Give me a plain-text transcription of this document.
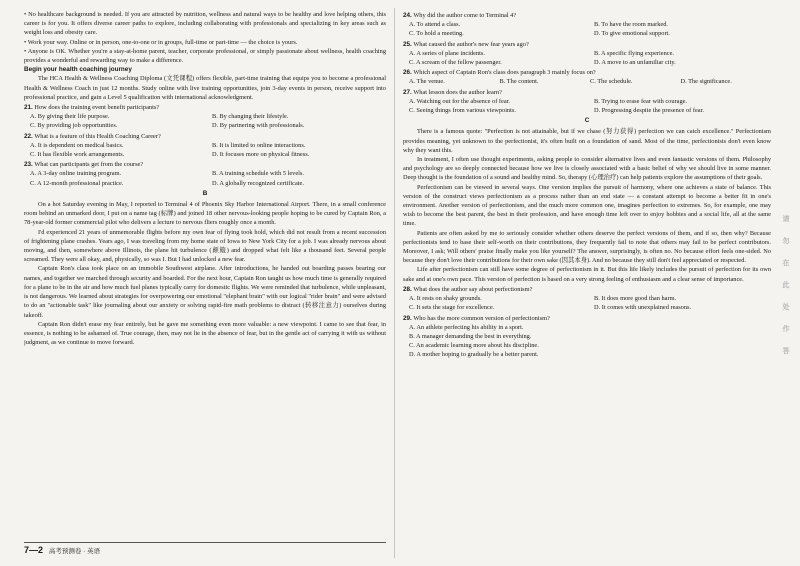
• No healthcare background is needed. If you are attracted by nutrition, wellness and natural ways to be healthy and love helping others, this career is for you. It offers diverse career paths to explore, including collaborating with professionals and specializing in key areas such as weight loss and obesity care.

• Work your way. Online or in person, one-to-one or in groups, full-time or part-time — the choice is yours.

• Anyone is OK. Whether you're a stay-at-home parent, teacher, corporate professional, or simply passionate about wellness, health coaching provides a wonderful and rewarding way to make a difference.

Begin your health coaching journey

The HCA Health & Wellness Coaching Diploma (文凭课程) offers flexible, part-time training that equips you to become a professional Health & Wellness Coach in just 12 months. Study online with live training opportunities, join 3-day events in person, receive support into professional practice, and gain a Level 5 qualification with international acknowledgment.

21. How does the training event benefit participants?

A. By giving their life purpose.	B. By changing their lifestyle.
C. By providing job opportunities.	D. By partnering with professionals.

22. What is a feature of this Health Coaching Career?

A. It is dependent on medical basics.	B. It is limited to online interactions.
C. It has flexible work arrangements.	D. It focuses more on physical fitness.

23. What can participants get from the course?

A. A 3-day online training program.	B. A training schedule with 5 levels.
C. A 12-month professional practice.	D. A globally recognized certificate.

B

On a hot Saturday evening in May, I reported to Terminal 4 of Phoenix Sky Harbor International Airport. There, in a small conference room behind an unmarked door, I put on a name tag (标牌) and joined 18 other nervous-looking people hoping to be cured by Captain Ron, a 78-year-old former commercial pilot who delivers a lecture to nervous fliers roughly once a month.

I'd experienced 21 years of unmemorable flights before my own fear of flying took hold, which did not result from a recent succession of frightening plane crashes. Years ago, I was traveling from my home state of Iowa to New York City for a job. I was already nervous about moving, and then, somewhere above Illinois, the plane hit turbulence (颠簸) and dropped what felt like a thousand feet. Several people screamed. They were all okay, and, physically, so was I. But I had unlocked a new fear.

Captain Ron's class took place on an immobile Southwest airplane. After introductions, he handed out boarding passes bearing our names, and together we marched through security and boarded. For the next hour, Captain Ron taught us how much time is generally required for a plane to be in the air and how much fuel planes typically carry for domestic flights. We were reminded that turbulence, while unpleasant, is not dangerous. We learned about strategies for overpowering our emotional "elephant brain" with our logical "rider brain" and were advised to do an "actionable task" like journaling about our anxiety or solving rapid-fire math problems to distract (转移注意力) ourselves during takeoff.

Captain Ron didn't erase my fear entirely, but he gave me something even more valuable: a new viewpoint. I came to see that fear, in essence, is nothing to be ashamed of. True courage, then, may not lie in the absence of fear, but in the gentle act of carrying it with us without judgment, as we continue to move forward.

7—2 高考预测卷 · 英语

24. Why did the author come to Terminal 4?

A. To attend a class.	B. To have the room marked.
C. To hold a meeting.	D. To give emotional support.

25. What caused the author's new fear years ago?

A. A series of plane incidents.	B. A specific flying experience.
C. A scream of the fellow passenger.	D. A move to an unfamiliar city.

26. Which aspect of Captain Ron's class does paragraph 3 mainly focus on?

A. The venue.	B. The content.	C. The schedule.	D. The significance.

27. What lesson does the author learn?

A. Watching out for the absence of fear.	B. Trying to erase fear with courage.
C. Seeing things from various viewpoints.	D. Progressing despite the presence of fear.

C

There is a famous quote: "Perfection is not attainable, but if we chase (努力获得) perfection we can catch excellence." Perfectionism provides meaning, yet unknown to the perfectionist, it's often built on a foundation of sand. Most of the time, perfectionists don't even know why they want this.

In treatment, I often use thought experiments, asking people to consider alternative lives and even fantastic versions of them. Philosophy and psychology are so deeply connected because how we live is closely associated with a basic belief of why we should live in some manner. Deep thought is the foundation of a sound and healthy mind. So, therapy (心理治疗) can help patients explore the assumptions of their goals.

Perfectionism can be viewed in several ways. One version implies the pursuit of harmony, where one achieves a state of balance. This version of the construct views perfectionism as a process rather than an end state — a constant attempt to become a better fit in one's environment. Another version of perfectionism, and the much more common one, imagines perfection to extremes. So, for example, one may wish to become the best parent, the best in their profession, and have enough time left over to enjoy hobbies and a social life, all at the same time.

Patients are often asked by me to seriously consider whether others deserve the perfect versions of them, and if so, then why? Because perfectionists tend to base their self-worth on their contributions, they frequently fail to note that others may fail to be perfect contributors. Moreover, I ask; Will others' praise finally make you like yourself? The answer, surprisingly, is often no. No because effort feels one-sided. No because they don't love their contributions for their own sake (因其本身). And no because they still don't feel appreciated or respected.

Life after perfectionism can still have some degree of perfectionism in it. But this life likely includes the pursuit of perfection for its own sake and at one's own pace. This version of perfection is based on a very strong feeling of enthusiasm and a clear sense of importance.

28. What does the author say about perfectionism?

A. It rests on shaky grounds.	B. It does more good than harm.
C. It sets the stage for excellence.	D. It comes with unexplained reasons.

29. Who has the more common version of perfectionism?

A. An athlete perfecting his ability in a sport.
B. A manager demanding the best in everything.
C. An academic learning more about his discipline.
D. A mother hoping to gradually be a better parent.
请勿在此处作答
